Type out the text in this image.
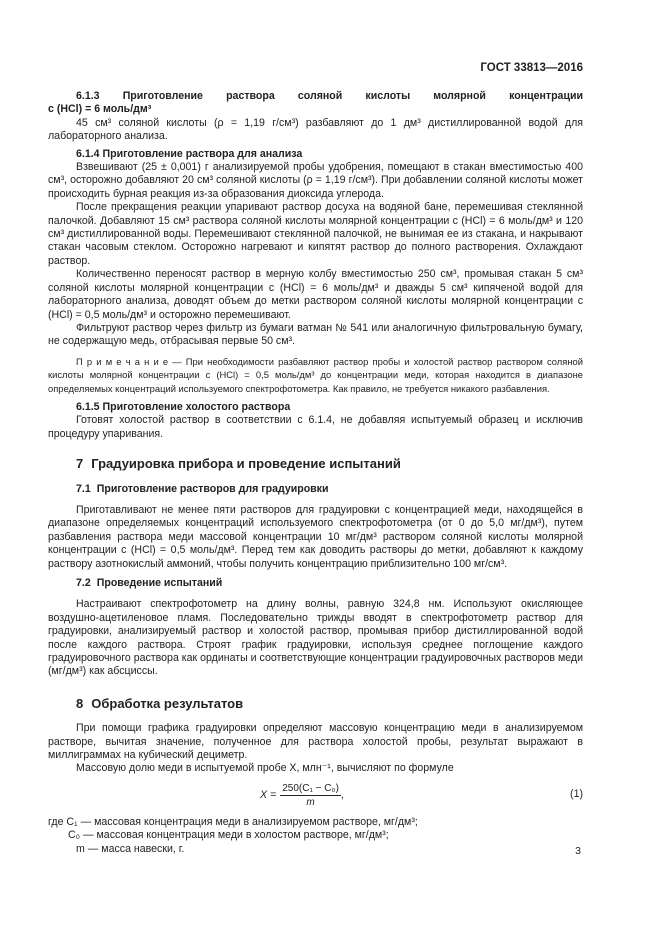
ГОСТ 33813—2016

6.1.3 Приготовление раствора соляной кислоты молярной концентрации

c (HCl) = 6 моль/дм³

45 см³ соляной кислоты (ρ = 1,19 г/см³) разбавляют до 1 дм³ дистиллированной водой для лабораторного анализа.

6.1.4 Приготовление раствора для анализа

Взвешивают (25 ± 0,001) г анализируемой пробы удобрения, помещают в стакан вместимостью 400 см³, осторожно добавляют 20 см³ соляной кислоты (ρ = 1,19 г/см³). При добавлении соляной кислоты может происходить бурная реакция из-за образования диоксида углерода.

После прекращения реакции упаривают раствор досуха на водяной бане, перемешивая стеклянной палочкой. Добавляют 15 см³ раствора соляной кислоты молярной концентрации c (HCl) = 6 моль/дм³ и 120 см³ дистиллированной воды. Перемешивают стеклянной палочкой, не вынимая ее из стакана, и накрывают стакан часовым стеклом. Осторожно нагревают и кипятят раствор до полного растворения. Охлаждают раствор.

Количественно переносят раствор в мерную колбу вместимостью 250 см³, промывая стакан 5 см³ соляной кислоты молярной концентрации c (HCl) = 6 моль/дм³ и дважды 5 см³ кипяченой водой для лабораторного анализа, доводят объем до метки раствором соляной кислоты молярной концентрации c (HCl) = 0,5 моль/дм³ и осторожно перемешивают.

Фильтруют раствор через фильтр из бумаги ватман № 541 или аналогичную фильтровальную бумагу, не содержащую медь, отбрасывая первые 50 см³.

П р и м е ч а н и е — При необходимости разбавляют раствор пробы и холостой раствор раствором соляной кислоты молярной концентрации c (HCl) = 0,5 моль/дм³ до концентрации меди, которая находится в диапазоне определяемых концентраций используемого спектрофотометра. Как правило, не требуется никакого разбавления.

6.1.5 Приготовление холостого раствора

Готовят холостой раствор в соответствии с 6.1.4, не добавляя испытуемый образец и исключив процедуру упаривания.

7 Градуировка прибора и проведение испытаний
7.1 Приготовление растворов для градуировки

Приготавливают не менее пяти растворов для градуировки с концентрацией меди, находящейся в диапазоне определяемых концентраций используемого спектрофотометра (от 0 до 5,0 мг/дм³), путем разбавления раствора меди массовой концентрации 10 мг/дм³ раствором соляной кислоты молярной концентрации c (HCl) = 0,5 моль/дм³. Перед тем как доводить растворы до метки, добавляют к каждому раствору азотнокислый аммоний, чтобы получить концентрацию приблизительно 100 мг/см³.

7.2 Проведение испытаний

Настраивают спектрофотометр на длину волны, равную 324,8 нм. Используют окисляющее воздушно-ацетиленовое пламя. Последовательно трижды вводят в спектрофотометр раствор для градуировки, анализируемый раствор и холостой раствор, промывая прибор дистиллированной водой после каждого раствора. Строят график градуировки, используя среднее поглощение каждого градуировочного раствора как ординаты и соответствующие концентрации градуировочных растворов меди (мг/дм³) как абсциссы.

8 Обработка результатов

При помощи графика градуировки определяют массовую концентрацию меди в анализируемом растворе, вычитая значение, полученное для раствора холостой пробы, результат выражают в миллиграммах на кубический дециметр.

Массовую долю меди в испытуемой пробе X, млн⁻¹, вычисляют по формуле

$X = \frac{\text{250(C₁ − C₀)}}{m}$ ,	(1)

где C₁ — массовая концентрация меди в анализируемом растворе, мг/дм³;

C₀ — массовая концентрация меди в холостом растворе, мг/дм³;

m — масса навески, г.	3
